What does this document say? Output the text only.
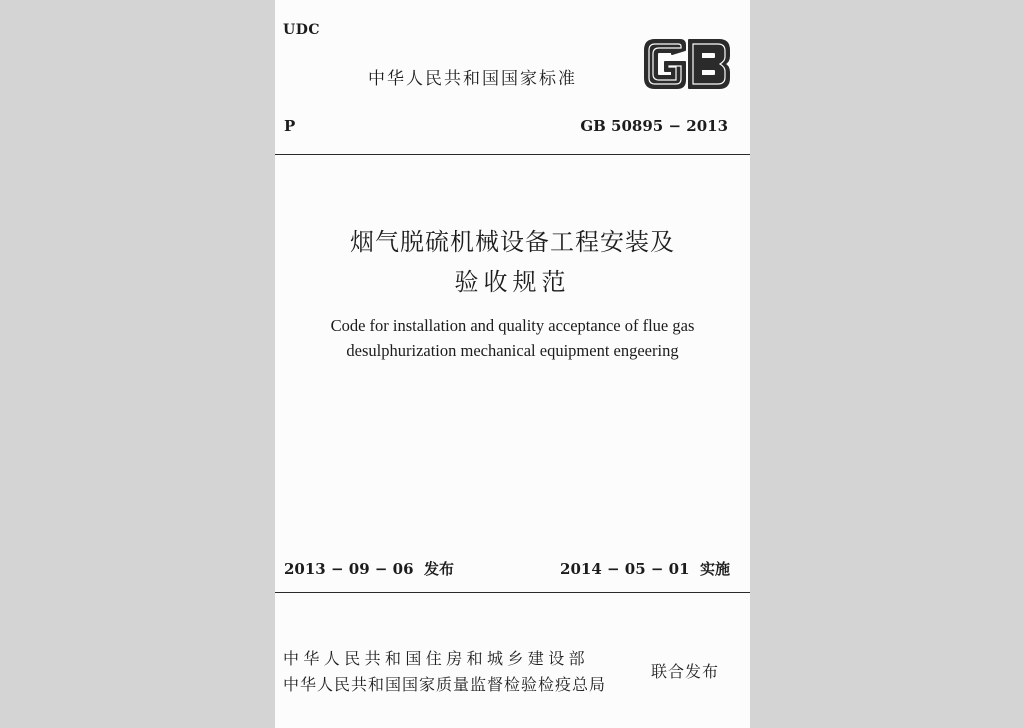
UDC
中华人民共和国国家标准
P	GB 50895 − 2013
烟气脱硫机械设备工程安装及
验收规范
Code for installation and quality acceptance of flue gas
desulphurization mechanical equipment engeering
2013 − 09 − 06  发布	2014 − 05 − 01  实施
中华人民共和国住房和城乡建设部
中华人民共和国国家质量监督检验检疫总局
联合发布
